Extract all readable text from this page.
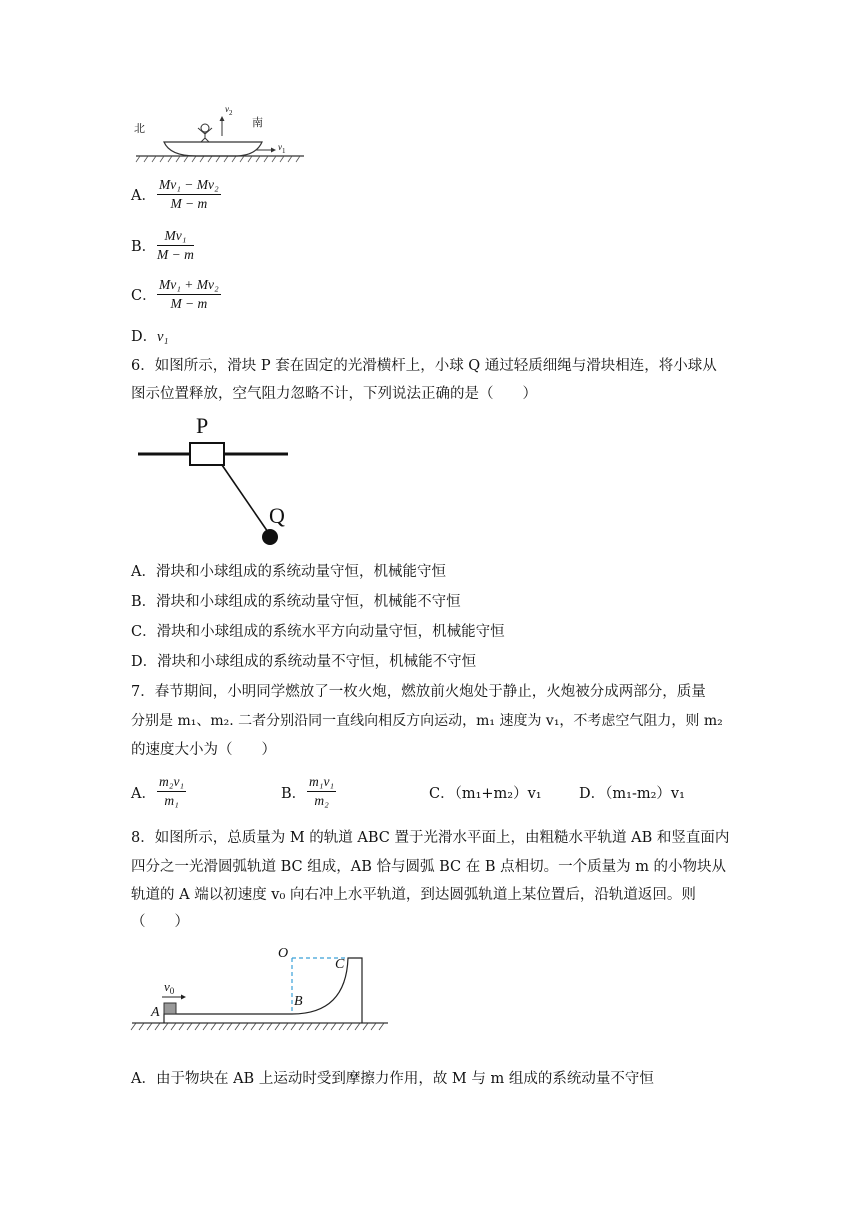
北	南
$v_2$
$v_1$
A． $\frac{\text{Mv₁ − Mv₂}}{M - m}$
B． $\frac{\text{Mv₁}}{M - m}$
C． $\frac{\text{Mv₁ + Mv₂}}{M - m}$
D． v₁
6．如图所示，滑块 P 套在固定的光滑横杆上，小球 Q 通过轻质细绳与滑块相连，将小球从
图示位置释放，空气阻力忽略不计，下列说法正确的是（　　）
P
Q
A．滑块和小球组成的系统动量守恒，机械能守恒
B．滑块和小球组成的系统动量守恒，机械能不守恒
C．滑块和小球组成的系统水平方向动量守恒，机械能守恒
D．滑块和小球组成的系统动量不守恒，机械能不守恒
7．春节期间，小明同学燃放了一枚火炮，燃放前火炮处于静止，火炮被分成两部分，质量
分别是 m₁、m₂. 二者分别沿同一直线向相反方向运动，m₁ 速度为 v₁，不考虑空气阻力，则 m₂
的速度大小为（　　）
A． $\frac{\text{m₂v₁}}{\text{m₁}}$	B． $\frac{\text{m₁v₁}}{\text{m₂}}$	C．（m₁+m₂）v₁	D．（m₁-m₂）v₁
8．如图所示，总质量为 M 的轨道 ABC 置于光滑水平面上，由粗糙水平轨道 AB 和竖直面内
四分之一光滑圆弧轨道 BC 组成，AB 恰与圆弧 BC 在 B 点相切。一个质量为 m 的小物块从
轨道的 A 端以初速度 v₀ 向右冲上水平轨道，到达圆弧轨道上某位置后，沿轨道返回。则
（　　）
O
C
B
A
$v_0$
A．由于物块在 AB 上运动时受到摩擦力作用，故 M 与 m 组成的系统动量不守恒
